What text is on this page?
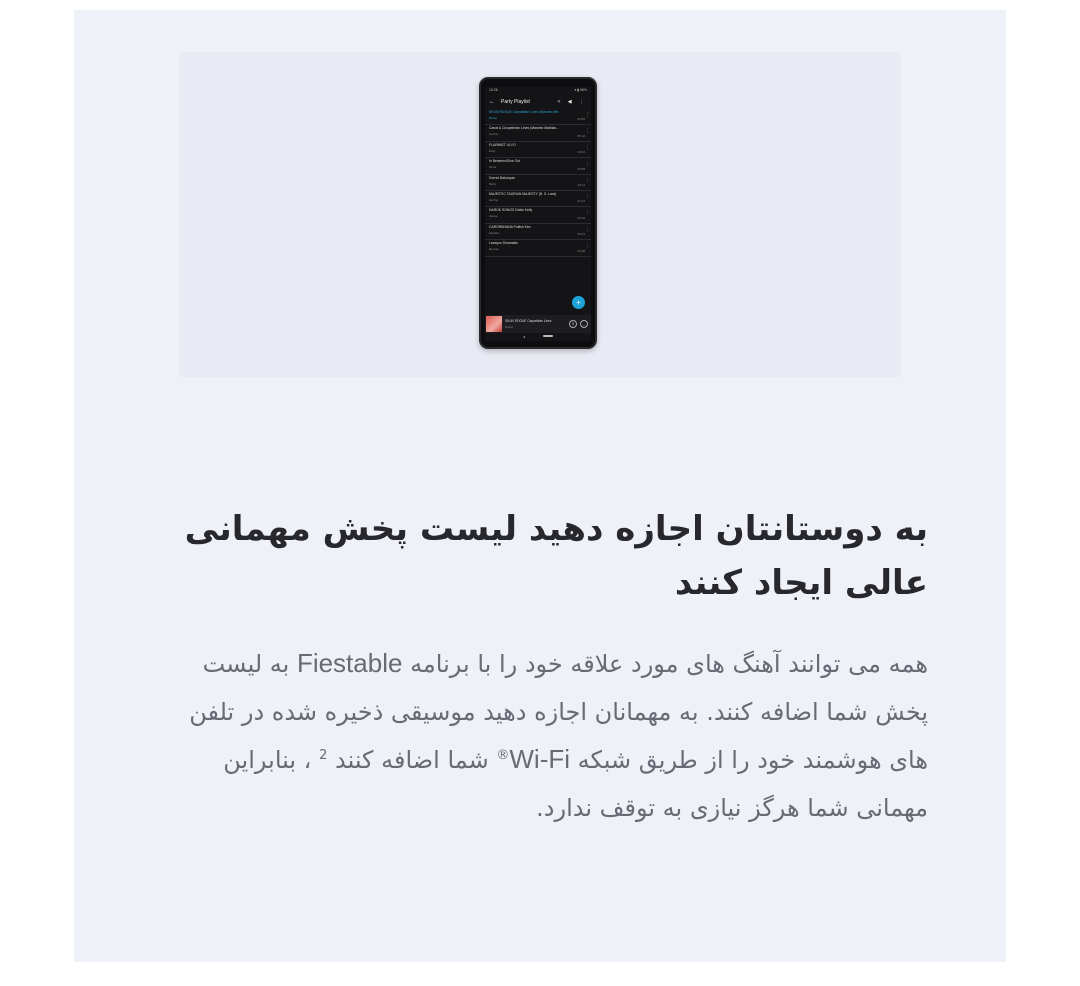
10:26	▾ ▮ 96%
← Party Playlist	< ◀ ⋮
SKUN ROGUE Carpathian Lines (Marcelo Me...
Rimel	03:56
⋮
Canal & Cicupebrian Lines (Marcelo Mathias...
Gerfne	05:10
⋮
FLARMIST ULYO
Enlly	04:02
⋮
In Between/Dive Out
Nomi	03:58
⋮
Dornel Bakunyan
Boris	04:11
⋮
MAJESTIC TAURIAN MAJESTY (B. S. Lara)
Gerfne	07:12
⋮
NAROK SONGS Eddie Kelly
Jessie	06:16
⋮
CARORBHANA Pollish Kim
Sandhe	05:21
⋮
Lavayon Dinamatis
Remas	04:38
⋮
+
SKUN ROGUE Carpathian Lines
Rimel
॥	–
◂
به دوستانتان اجازه دهید لیست پخش مهمانی عالی ایجاد کنند

همه می توانند آهنگ های مورد علاقه خود را با برنامه Fiestable به لیست پخش شما اضافه کنند. به مهمانان اجازه دهید موسیقی ذخیره شده در تلفن های هوشمند خود را از طریق شبکه Wi-Fi® شما اضافه کنند $^2$ ، بنابراین مهمانی شما هرگز نیازی به توقف ندارد.
